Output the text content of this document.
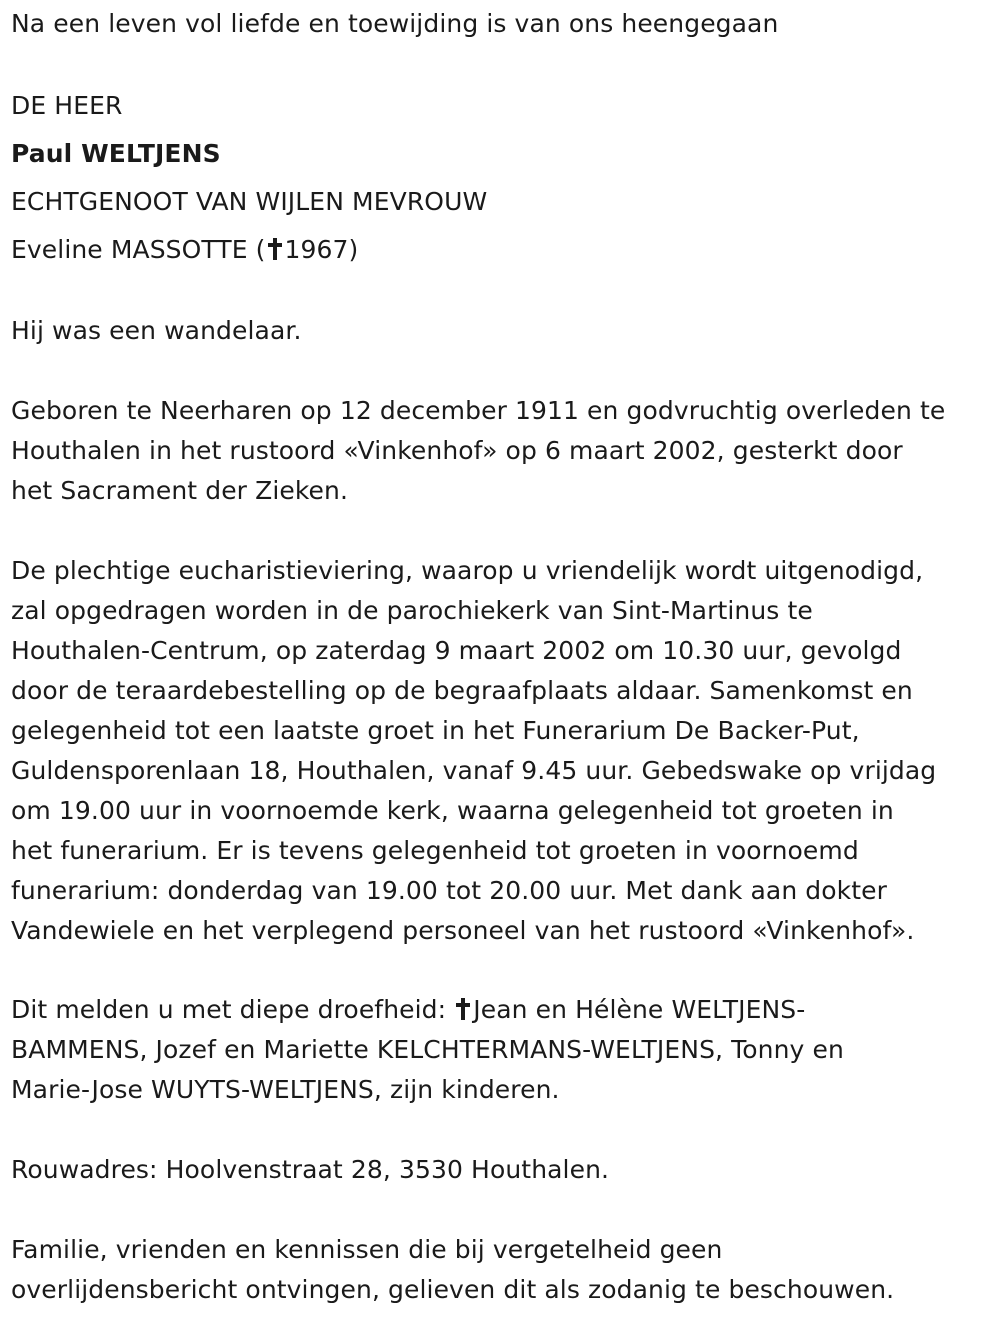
Na een leven vol liefde en toewijding is van ons heengegaan
DE HEER
Paul WELTJENS
ECHTGENOOT VAN WIJLEN MEVROUW
Eveline MASSOTTE ( 1967)
Hij was een wandelaar.
Geboren te Neerharen op 12 december 1911 en godvruchtig overleden te
Houthalen in het rustoord «Vinkenhof» op 6 maart 2002, gesterkt door
het Sacrament der Zieken.
De plechtige eucharistieviering, waarop u vriendelijk wordt uitgenodigd,
zal opgedragen worden in de parochiekerk van Sint-Martinus te
Houthalen-Centrum, op zaterdag 9 maart 2002 om 10.30 uur, gevolgd
door de teraardebestelling op de begraafplaats aldaar. Samenkomst en
gelegenheid tot een laatste groet in het Funerarium De Backer-Put,
Guldensporenlaan 18, Houthalen, vanaf 9.45 uur. Gebedswake op vrijdag
om 19.00 uur in voornoemde kerk, waarna gelegenheid tot groeten in
het funerarium. Er is tevens gelegenheid tot groeten in voornoemd
funerarium: donderdag van 19.00 tot 20.00 uur. Met dank aan dokter
Vandewiele en het verplegend personeel van het rustoord «Vinkenhof».
Dit melden u met diepe droefheid: Jean en Hélène WELTJENS-
BAMMENS, Jozef en Mariette KELCHTERMANS-WELTJENS, Tonny en
Marie-Jose WUYTS-WELTJENS, zijn kinderen.
Rouwadres: Hoolvenstraat 28, 3530 Houthalen.
Familie, vrienden en kennissen die bij vergetelheid geen
overlijdensbericht ontvingen, gelieven dit als zodanig te beschouwen.
